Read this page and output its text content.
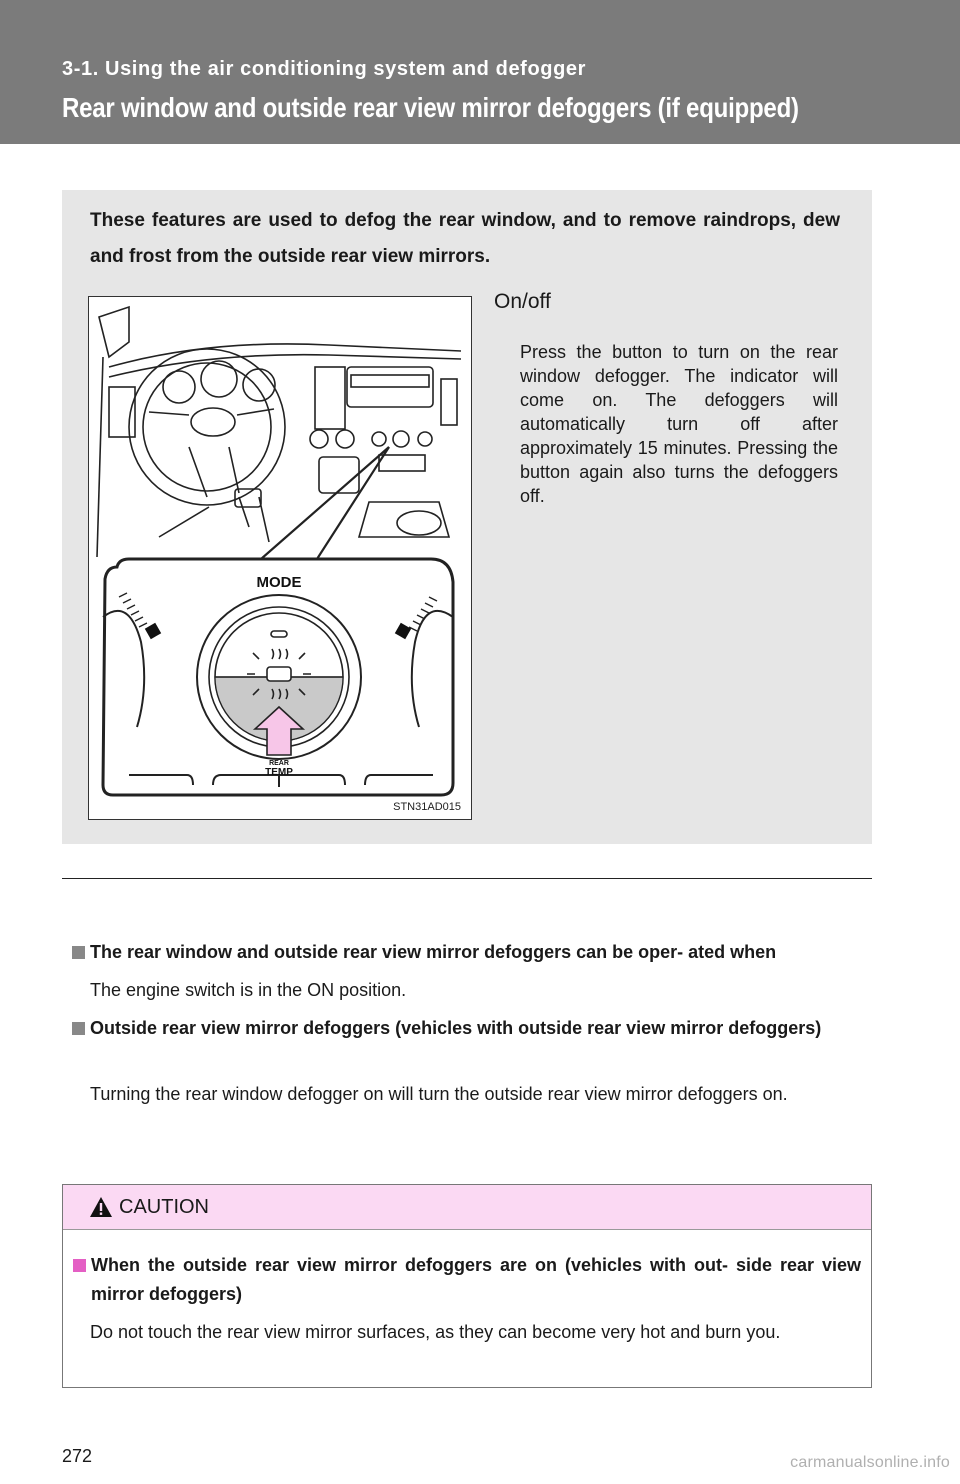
3-1. Using the air conditioning system and defogger
Rear window and outside rear view mirror defoggers (if equipped)
These features are used to defog the rear window, and to remove raindrops, dew and frost from the outside rear view mirrors.
MODE
REAR
TEMP
STN31AD015
On/off
Press the button to turn on the rear window defogger. The indicator will come on. The defoggers will automatically turn off after approximately 15 minutes. Pressing the button again also turns the defoggers off.
The rear window and outside rear view mirror defoggers can be oper- ated when
The engine switch is in the ON position.
Outside rear view mirror defoggers (vehicles with outside rear view mirror defoggers)
Turning the rear window defogger on will turn the outside rear view mirror defoggers on.
CAUTION
When the outside rear view mirror defoggers are on (vehicles with out- side rear view mirror defoggers)
Do not touch the rear view mirror surfaces, as they can become very hot and burn you.
272	carmanualsonline.info
